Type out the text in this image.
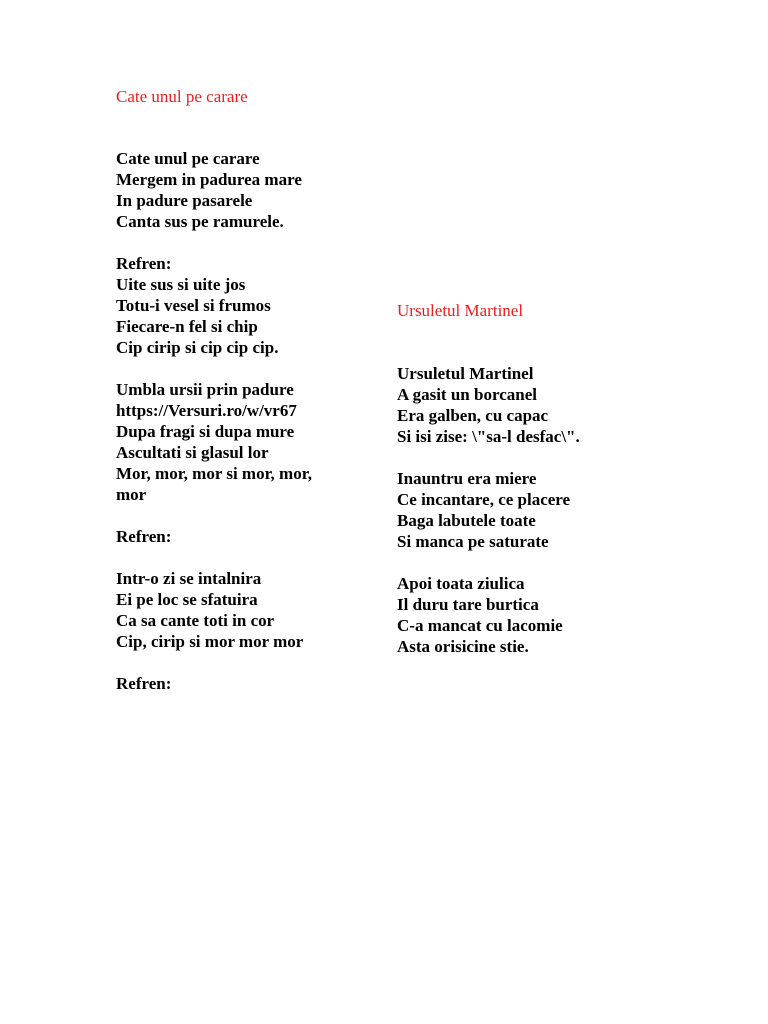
Cate unul pe carare
Cate unul pe carare
Mergem in padurea mare
In padure pasarele
Canta sus pe ramurele.
Refren:
Uite sus si uite jos
Totu-i vesel si frumos
Fiecare-n fel si chip
Cip cirip si cip cip cip.
Umbla ursii prin padure
https://Versuri.ro/w/vr67
Dupa fragi si dupa mure
Ascultati si glasul lor
Mor, mor, mor si mor, mor,
mor
Refren:
Intr-o zi se intalnira
Ei pe loc se sfatuira
Ca sa cante toti in cor
Cip, cirip si mor mor mor
Refren:
Ursuletul Martinel
Ursuletul Martinel
A gasit un borcanel
Era galben, cu capac
Si isi zise: \"sa-l desfac\".
Inauntru era miere
Ce incantare, ce placere
Baga labutele toate
Si manca pe saturate
Apoi toata ziulica
Il duru tare burtica
C-a mancat cu lacomie
Asta orisicine stie.
